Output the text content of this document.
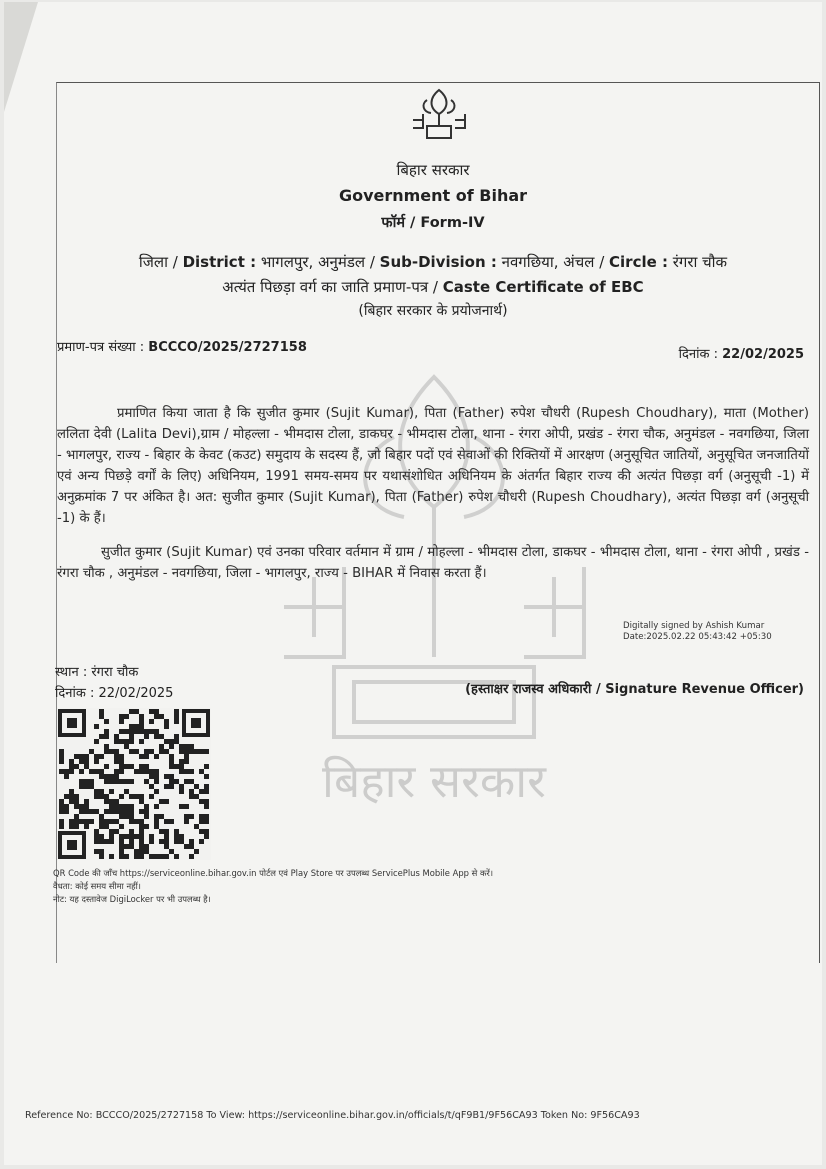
बिहार सरकार
बिहार सरकार
Government of Bihar
फॉर्म / Form-IV
जिला / District : भागलपुर, अनुमंडल / Sub-Division : नवगछिया, अंचल / Circle : रंगरा चौक
अत्यंत पिछड़ा वर्ग का जाति प्रमाण-पत्र / Caste Certificate of EBC
(बिहार सरकार के प्रयोजनार्थ)
प्रमाण-पत्र संख्या : BCCCO/2025/2727158	दिनांक : 22/02/2025
प्रमाणित किया जाता है कि सुजीत कुमार (Sujit Kumar), पिता (Father) रुपेश चौधरी (Rupesh Choudhary), माता (Mother) ललिता देवी (Lalita Devi),ग्राम / मोहल्ला - भीमदास टोला, डाकघर - भीमदास टोला, थाना - रंगरा ओपी, प्रखंड - रंगरा चौक, अनुमंडल - नवगछिया, जिला - भागलपुर, राज्य - बिहार के केवट (कउट) समुदाय के सदस्य हैं, जो बिहार पदों एवं सेवाओं की रिक्तियों में आरक्षण (अनुसूचित जातियों, अनुसूचित जनजातियों एवं अन्य पिछड़े वर्गों के लिए) अधिनियम, 1991 समय-समय पर यथासंशोधित अधिनियम के अंतर्गत बिहार राज्य की अत्यंत पिछड़ा वर्ग (अनुसूची -1) में अनुक्रमांक 7 पर अंकित है। अत: सुजीत कुमार (Sujit Kumar), पिता (Father) रुपेश चौधरी (Rupesh Choudhary), अत्यंत पिछड़ा वर्ग (अनुसूची -1) के हैं।
सुजीत कुमार (Sujit Kumar) एवं उनका परिवार वर्तमान में ग्राम / मोहल्ला - भीमदास टोला, डाकघर - भीमदास टोला, थाना - रंगरा ओपी , प्रखंड - रंगरा चौक , अनुमंडल - नवगछिया, जिला - भागलपुर, राज्य - BIHAR में निवास करता हैं।
Digitally signed by Ashish Kumar
Date:2025.02.22 05:43:42 +05:30
स्थान : रंगरा चौक
दिनांक : 22/02/2025	(हस्ताक्षर राजस्व अधिकारी / Signature Revenue Officer)
QR Code की जाँच https://serviceonline.bihar.gov.in पोर्टल एवं Play Store पर उपलब्ध ServicePlus Mobile App से करें।
वैधता: कोई समय सीमा नहीं।
नोट: यह दस्तावेज DigiLocker पर भी उपलब्ध है।
Reference No: BCCCO/2025/2727158 To View: https://serviceonline.bihar.gov.in/officials/t/qF9B1/9F56CA93 Token No: 9F56CA93
